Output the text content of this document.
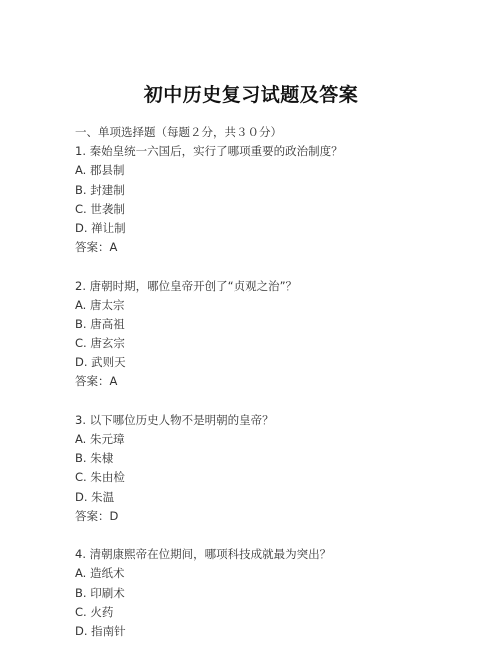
初中历史复习试题及答案
一、单项选择题（每题２分，共３０分）
1. 秦始皇统一六国后，实行了哪项重要的政治制度？
A. 郡县制
B. 封建制
C. 世袭制
D. 禅让制
答案：A
2. 唐朝时期，哪位皇帝开创了“贞观之治”？
A. 唐太宗
B. 唐高祖
C. 唐玄宗
D. 武则天
答案：A
3. 以下哪位历史人物不是明朝的皇帝？
A. 朱元璋
B. 朱棣
C. 朱由检
D. 朱温
答案：D
4. 清朝康熙帝在位期间，哪项科技成就最为突出？
A. 造纸术
B. 印刷术
C. 火药
D. 指南针
